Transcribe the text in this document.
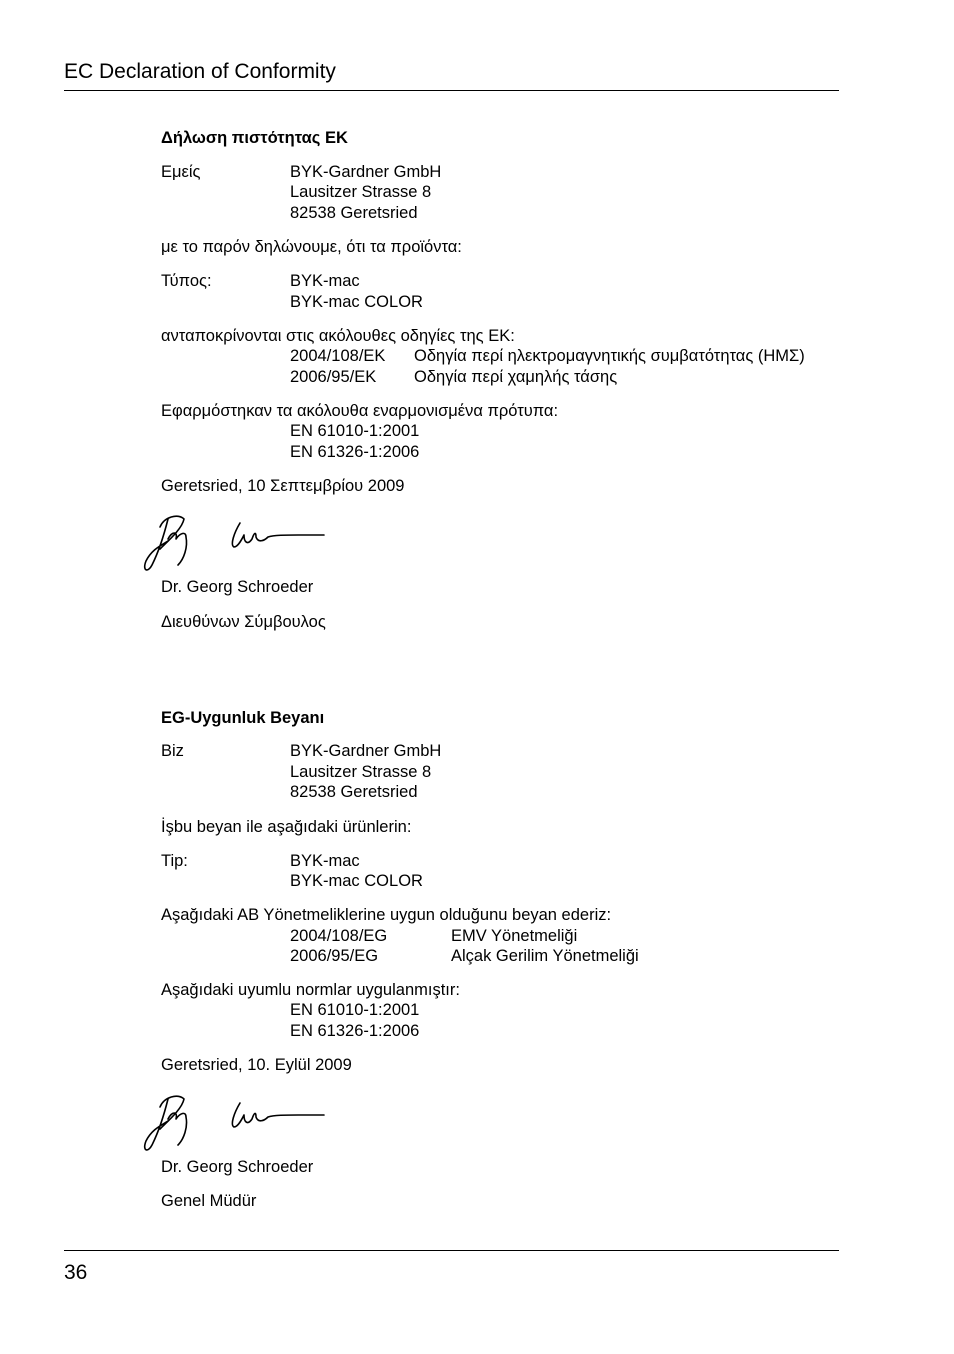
EC Declaration of Conformity
Δήλωση πιστότητας ΕΚ
Εμείς	BYK-Gardner GmbH
Lausitzer Strasse 8
82538 Geretsried
με το παρόν δηλώνουμε, ότι τα προϊόντα:
Τύπος:	BYK-mac
BYK-mac COLOR
ανταποκρίνονται στις ακόλουθες οδηγίες της ΕΚ:
2004/108/EK Οδηγία περί ηλεκτρομαγνητικής συμβατότητας (ΗΜΣ)
2006/95/EK Οδηγία περί χαμηλής τάσης
Εφαρμόστηκαν τα ακόλουθα εναρμονισμένα πρότυπα:
EN 61010-1:2001
EN 61326-1:2006
Geretsried, 10 Σεπτεμβρίου 2009
Dr. Georg Schroeder
Διευθύνων Σύμβουλος
EG-Uygunluk Beyanı
Biz	BYK-Gardner GmbH
Lausitzer Strasse 8
82538 Geretsried
İşbu beyan ile aşağıdaki ürünlerin:
Tip:	BYK-mac
BYK-mac COLOR
Aşağıdaki AB Yönetmeliklerine uygun olduğunu beyan ederiz:
2004/108/EG	EMV Yönetmeliği
2006/95/EG	Alçak Gerilim Yönetmeliği
Aşağıdaki uyumlu normlar uygulanmıştır:
EN 61010-1:2001
EN 61326-1:2006
Geretsried, 10. Eylül 2009
Dr. Georg Schroeder
Genel Müdür
36
